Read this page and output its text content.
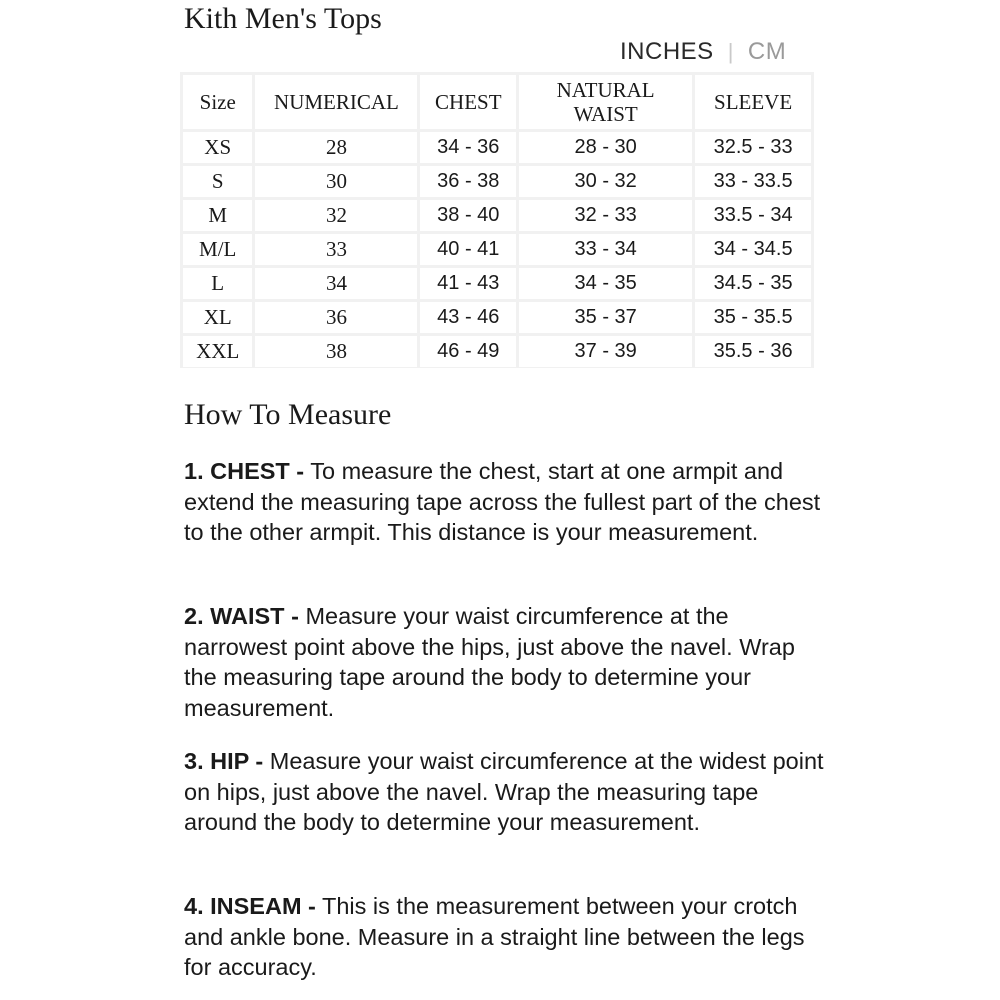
Kith Men's Tops
INCHES | CM
Size	NUMERICAL	CHEST	NATURAL WAIST	SLEEVE
XS	28	34 - 36	28 - 30	32.5 - 33
S	30	36 - 38	30 - 32	33 - 33.5
M	32	38 - 40	32 - 33	33.5 - 34
M/L	33	40 - 41	33 - 34	34 - 34.5
L	34	41 - 43	34 - 35	34.5 - 35
XL	36	43 - 46	35 - 37	35 - 35.5
XXL	38	46 - 49	37 - 39	35.5 - 36
How To Measure

1. CHEST - To measure the chest, start at one armpit and extend the measuring tape across the fullest part of the chest to the other armpit. This distance is your measurement.

2. WAIST - Measure your waist circumference at the narrowest point above the hips, just above the navel. Wrap the measuring tape around the body to determine your measurement.

3. HIP - Measure your waist circumference at the widest point on hips, just above the navel. Wrap the measuring tape around the body to determine your measurement.

4. INSEAM - This is the measurement between your crotch and ankle bone. Measure in a straight line between the legs for accuracy.
